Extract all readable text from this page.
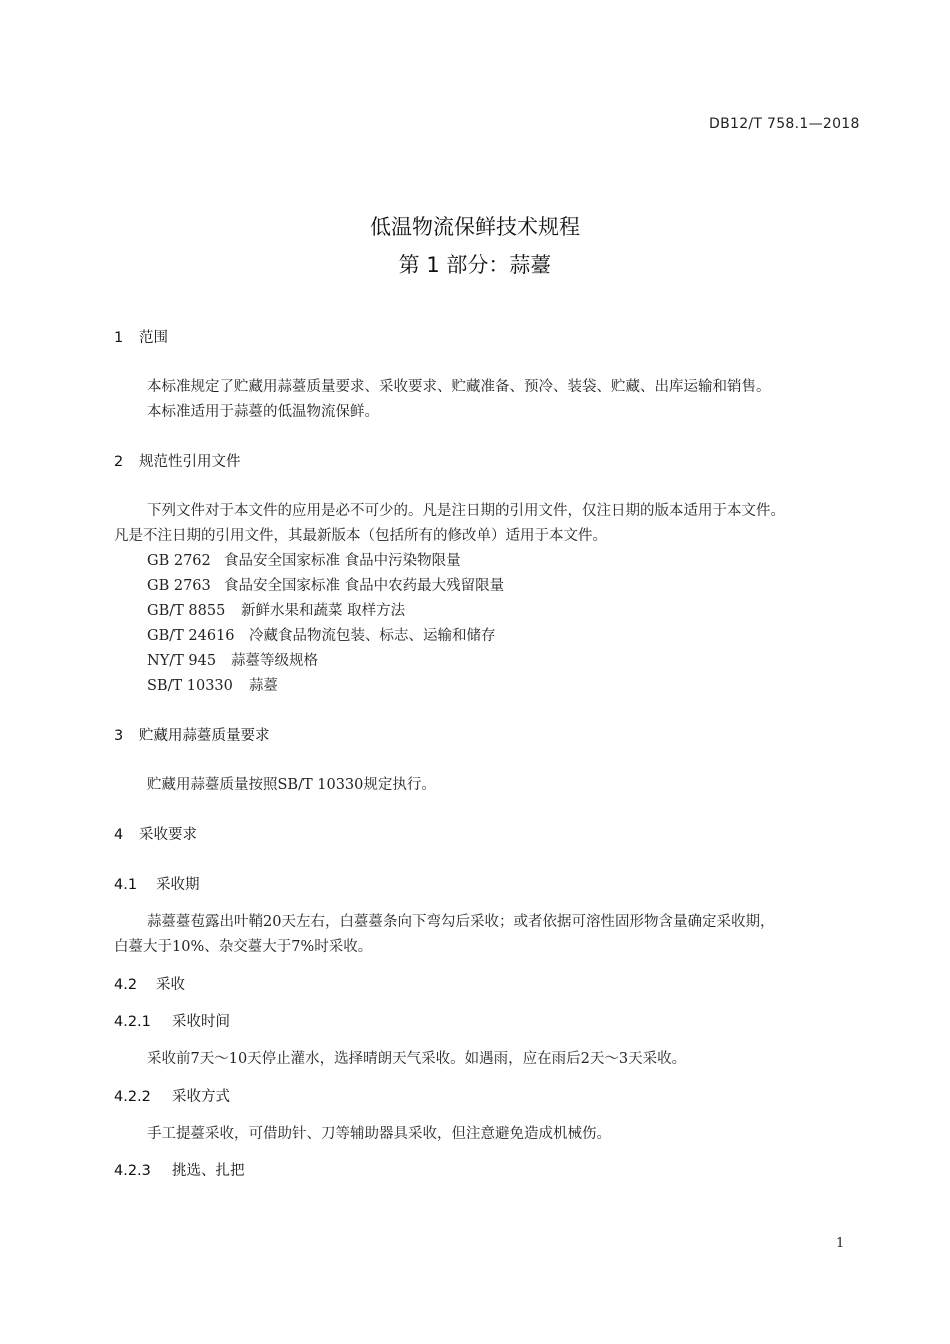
DB12/T 758.1—2018
低温物流保鲜技术规程
第 1 部分：蒜薹
1 范围
本标准规定了贮藏用蒜薹质量要求、采收要求、贮藏准备、预冷、装袋、贮藏、出库运输和销售。
本标准适用于蒜薹的低温物流保鲜。
2 规范性引用文件
下列文件对于本文件的应用是必不可少的。凡是注日期的引用文件，仅注日期的版本适用于本文件。
凡是不注日期的引用文件，其最新版本（包括所有的修改单）适用于本文件。
GB 2762 食品安全国家标准 食品中污染物限量
GB 2763 食品安全国家标准 食品中农药最大残留限量
GB/T 8855 新鲜水果和蔬菜 取样方法
GB/T 24616 冷藏食品物流包装、标志、运输和储存
NY/T 945 蒜薹等级规格
SB/T 10330 蒜薹
3 贮藏用蒜薹质量要求
贮藏用蒜薹质量按照SB/T 10330规定执行。
4 采收要求
4.1 采收期
蒜薹薹苞露出叶鞘20天左右，白薹薹条向下弯勾后采收；或者依据可溶性固形物含量确定采收期，
白薹大于10%、杂交薹大于7%时采收。
4.2 采收
4.2.1 采收时间
采收前7天～10天停止灌水，选择晴朗天气采收。如遇雨，应在雨后2天～3天采收。
4.2.2 采收方式
手工提薹采收，可借助针、刀等辅助器具采收，但注意避免造成机械伤。
4.2.3 挑选、扎把
1
